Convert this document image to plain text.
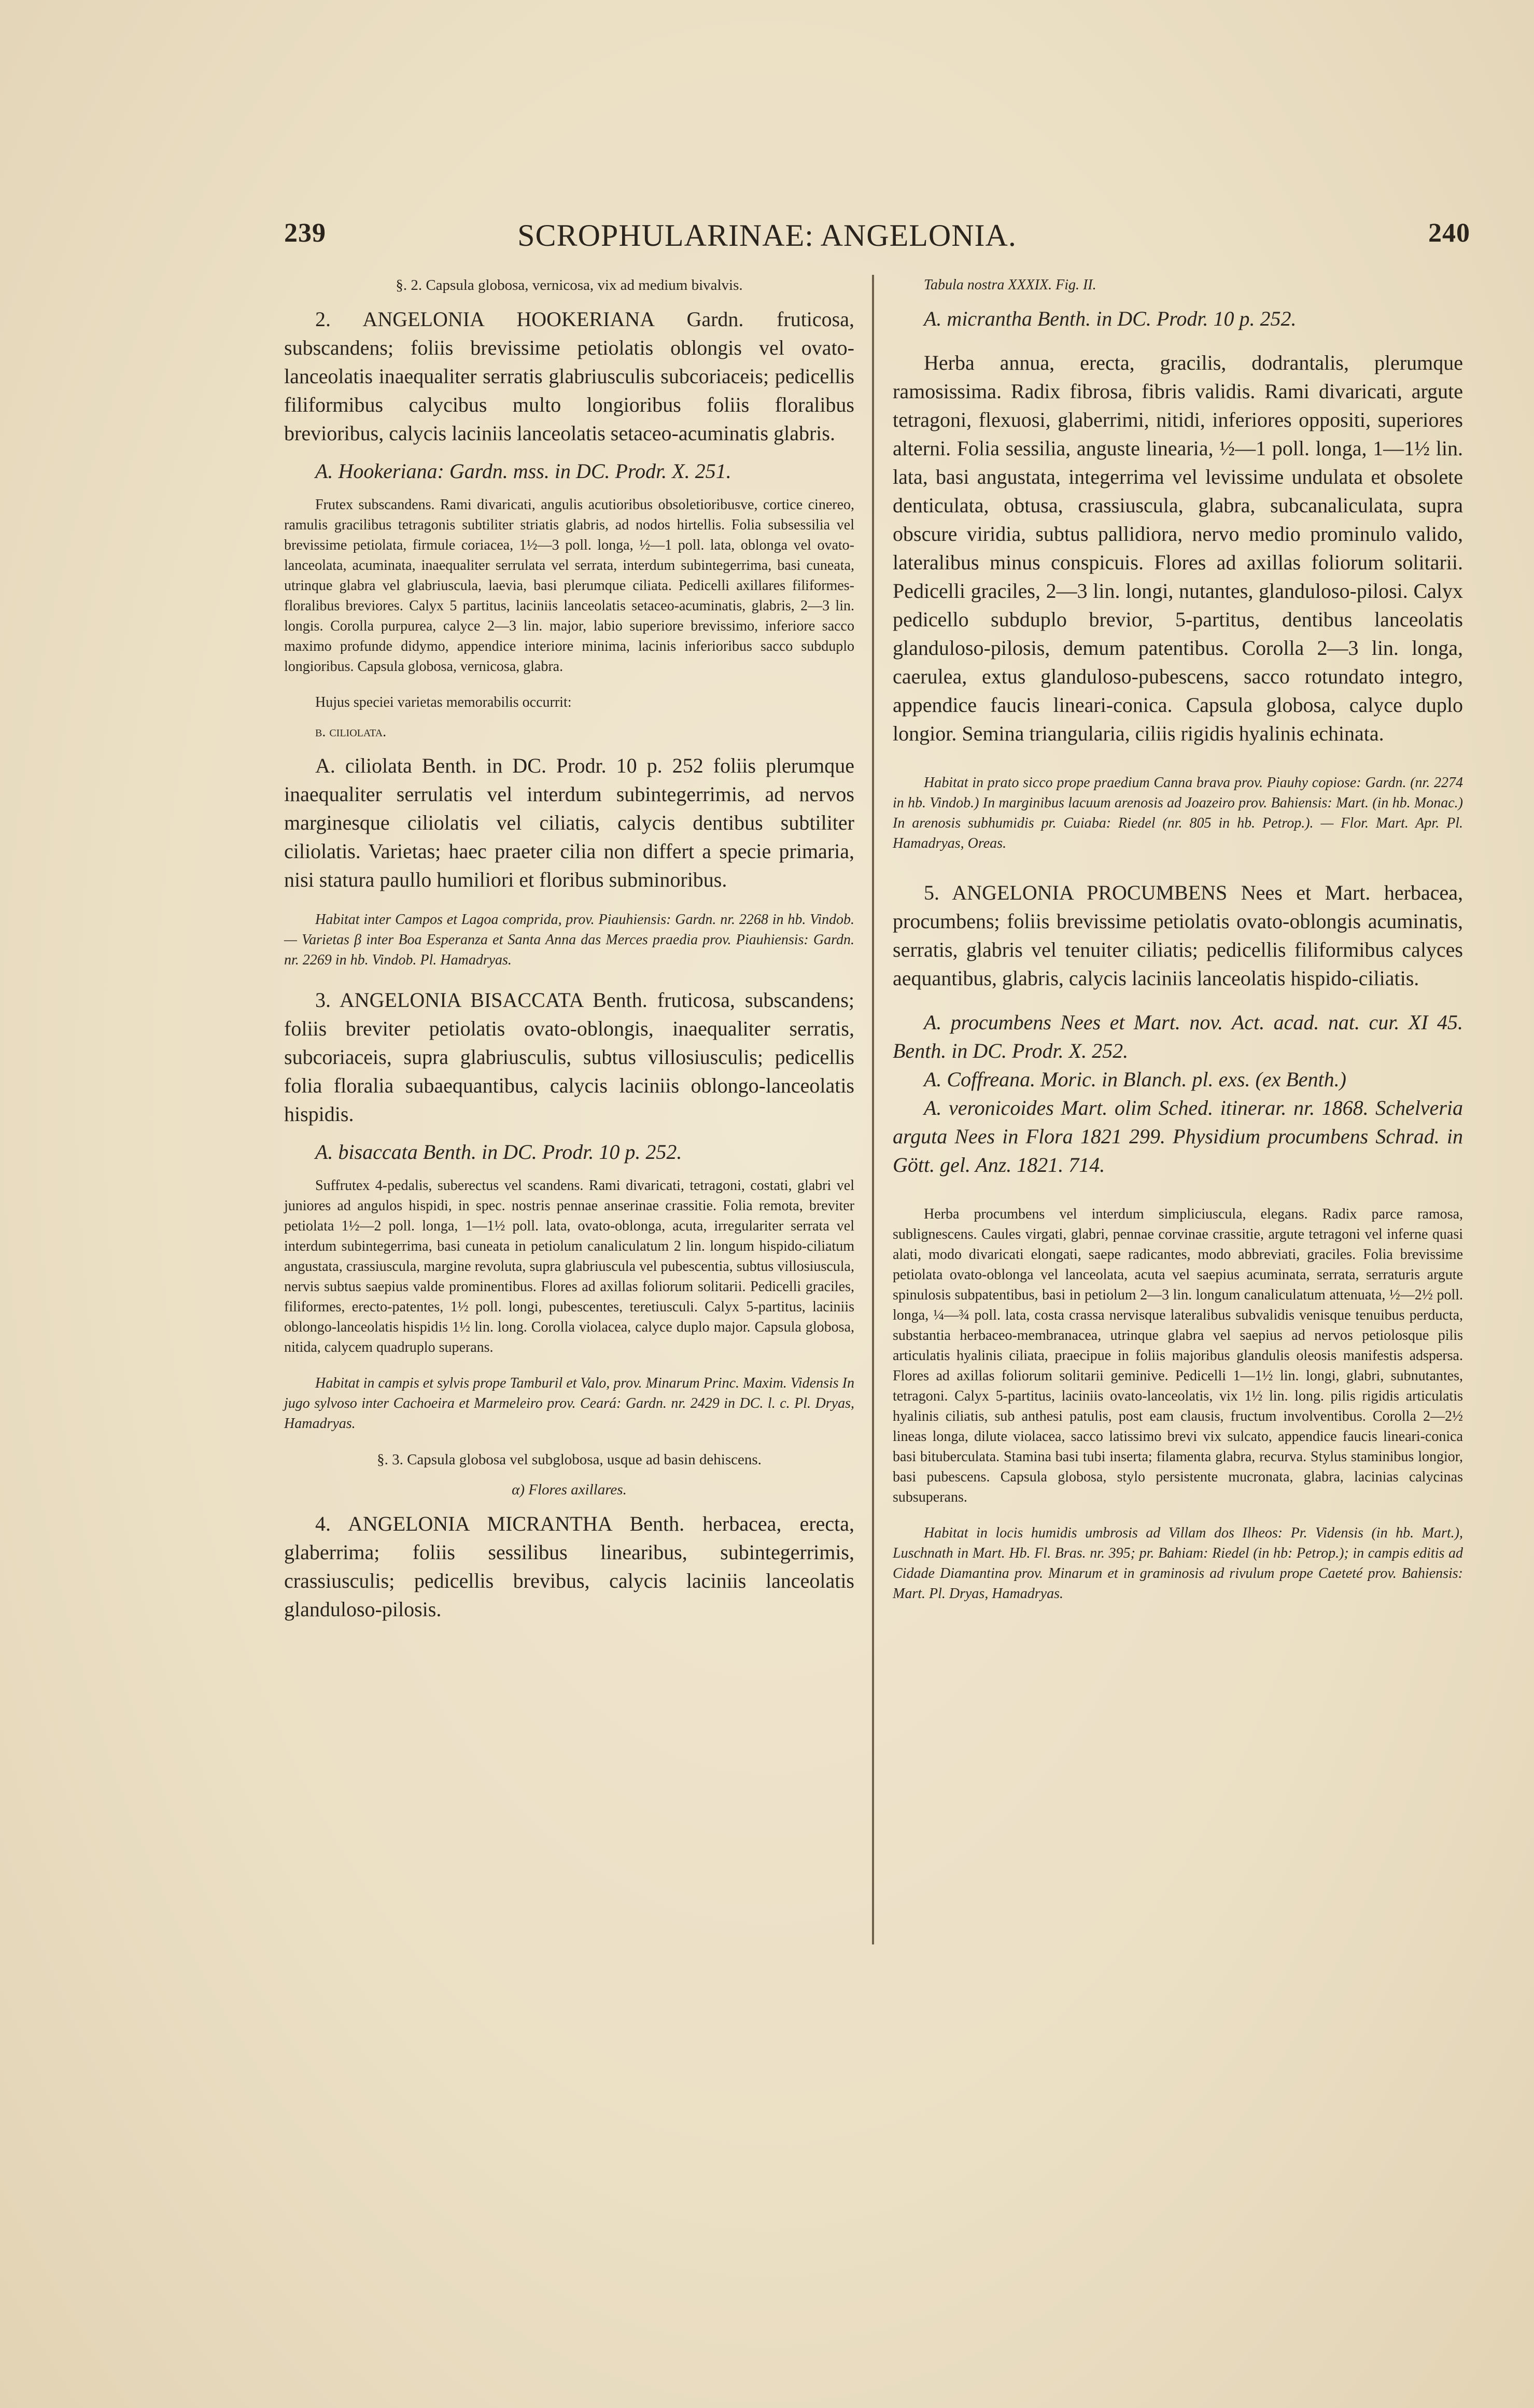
239	SCROPHULARINAE: ANGELONIA.	240

§. 2. Capsula globosa, vernicosa, vix ad medium bivalvis.

2. ANGELONIA HOOKERIANA Gardn. fruticosa, subscandens; foliis brevissime petiolatis oblongis vel ovato-lanceolatis inaequaliter serratis glabriusculis subcoriaceis; pedicellis filiformibus calycibus multo longioribus foliis floralibus brevioribus, calycis laciniis lanceolatis setaceo-acuminatis glabris.

A. Hookeriana: Gardn. mss. in DC. Prodr. X. 251.

Frutex subscandens. Rami divaricati, angulis acutioribus obsoletioribusve, cortice cinereo, ramulis gracilibus tetragonis subtiliter striatis glabris, ad nodos hirtellis. Folia subsessilia vel brevissime petiolata, firmule coriacea, 1½—3 poll. longa, ½—1 poll. lata, oblonga vel ovato-lanceolata, acuminata, inaequaliter serrulata vel serrata, interdum subintegerrima, basi cuneata, utrinque glabra vel glabriuscula, laevia, basi plerumque ciliata. Pedicelli axillares filiformes-floralibus breviores. Calyx 5 partitus, laciniis lanceolatis setaceo-acuminatis, glabris, 2—3 lin. longis. Corolla purpurea, calyce 2—3 lin. major, labio superiore brevissimo, inferiore sacco maximo profunde didymo, appendice interiore minima, lacinis inferioribus sacco subduplo longioribus. Capsula globosa, vernicosa, glabra.

Hujus speciei varietas memorabilis occurrit:

β. ciliolata.

A. ciliolata Benth. in DC. Prodr. 10 p. 252 foliis plerumque inaequaliter serrulatis vel interdum subintegerrimis, ad nervos marginesque ciliolatis vel ciliatis, calycis dentibus subtiliter ciliolatis. Varietas; haec praeter cilia non differt a specie primaria, nisi statura paullo humiliori et floribus subminoribus.

Habitat inter Campos et Lagoa comprida, prov. Piauhiensis: Gardn. nr. 2268 in hb. Vindob. — Varietas β inter Boa Esperanza et Santa Anna das Merces praedia prov. Piauhiensis: Gardn. nr. 2269 in hb. Vindob. Pl. Hamadryas.

3. ANGELONIA BISACCATA Benth. fruticosa, subscandens; foliis breviter petiolatis ovato-oblongis, inaequaliter serratis, subcoriaceis, supra glabriusculis, subtus villosiusculis; pedicellis folia floralia subaequantibus, calycis laciniis oblongo-lanceolatis hispidis.

A. bisaccata Benth. in DC. Prodr. 10 p. 252.

Suffrutex 4-pedalis, suberectus vel scandens. Rami divaricati, tetragoni, costati, glabri vel juniores ad angulos hispidi, in spec. nostris pennae anserinae crassitie. Folia remota, breviter petiolata 1½—2 poll. longa, 1—1½ poll. lata, ovato-oblonga, acuta, irregulariter serrata vel interdum subintegerrima, basi cuneata in petiolum canaliculatum 2 lin. longum hispido-ciliatum angustata, crassiuscula, margine revoluta, supra glabriuscula vel pubescentia, subtus villosiuscula, nervis subtus saepius valde prominentibus. Flores ad axillas foliorum solitarii. Pedicelli graciles, filiformes, erecto-patentes, 1½ poll. longi, pubescentes, teretiusculi. Calyx 5-partitus, laciniis oblongo-lanceolatis hispidis 1½ lin. long. Corolla violacea, calyce duplo major. Capsula globosa, nitida, calycem quadruplo superans.

Habitat in campis et sylvis prope Tamburil et Valo, prov. Minarum Princ. Maxim. Vidensis In jugo sylvoso inter Cachoeira et Marmeleiro prov. Ceará: Gardn. nr. 2429 in DC. l. c. Pl. Dryas, Hamadryas.

§. 3. Capsula globosa vel subglobosa, usque ad basin dehiscens.

α) Flores axillares.

4. ANGELONIA MICRANTHA Benth. herbacea, erecta, glaberrima; foliis sessilibus linearibus, subintegerrimis, crassiusculis; pedicellis brevibus, calycis laciniis lanceolatis glanduloso-pilosis.

Tabula nostra XXXIX. Fig. II.

A. micrantha Benth. in DC. Prodr. 10 p. 252.

Herba annua, erecta, gracilis, dodrantalis, plerumque ramosissima. Radix fibrosa, fibris validis. Rami divaricati, argute tetragoni, flexuosi, glaberrimi, nitidi, inferiores oppositi, superiores alterni. Folia sessilia, anguste linearia, ½—1 poll. longa, 1—1½ lin. lata, basi angustata, integerrima vel levissime undulata et obsolete denticulata, obtusa, crassiuscula, glabra, subcanaliculata, supra obscure viridia, subtus pallidiora, nervo medio prominulo valido, lateralibus minus conspicuis. Flores ad axillas foliorum solitarii. Pedicelli graciles, 2—3 lin. longi, nutantes, glanduloso-pilosi. Calyx pedicello subduplo brevior, 5-partitus, dentibus lanceolatis glanduloso-pilosis, demum patentibus. Corolla 2—3 lin. longa, caerulea, extus glanduloso-pubescens, sacco rotundato integro, appendice faucis lineari-conica. Capsula globosa, calyce duplo longior. Semina triangularia, ciliis rigidis hyalinis echinata.

Habitat in prato sicco prope praedium Canna brava prov. Piauhy copiose: Gardn. (nr. 2274 in hb. Vindob.) In marginibus lacuum arenosis ad Joazeiro prov. Bahiensis: Mart. (in hb. Monac.) In arenosis subhumidis pr. Cuiaba: Riedel (nr. 805 in hb. Petrop.). — Flor. Mart. Apr. Pl. Hamadryas, Oreas.

5. ANGELONIA PROCUMBENS Nees et Mart. herbacea, procumbens; foliis brevissime petiolatis ovato-oblongis acuminatis, serratis, glabris vel tenuiter ciliatis; pedicellis filiformibus calyces aequantibus, glabris, calycis laciniis lanceolatis hispido-ciliatis.

A. procumbens Nees et Mart. nov. Act. acad. nat. cur. XI 45. Benth. in DC. Prodr. X. 252.

A. Coffreana. Moric. in Blanch. pl. exs. (ex Benth.)

A. veronicoides Mart. olim Sched. itinerar. nr. 1868. Schelveria arguta Nees in Flora 1821 299. Physidium procumbens Schrad. in Gött. gel. Anz. 1821. 714.

Herba procumbens vel interdum simpliciuscula, elegans. Radix parce ramosa, sublignescens. Caules virgati, glabri, pennae corvinae crassitie, argute tetragoni vel inferne quasi alati, modo divaricati elongati, saepe radicantes, modo abbreviati, graciles. Folia brevissime petiolata ovato-oblonga vel lanceolata, acuta vel saepius acuminata, serrata, serraturis argute spinulosis subpatentibus, basi in petiolum 2—3 lin. longum canaliculatum attenuata, ½—2½ poll. longa, ¼—¾ poll. lata, costa crassa nervisque lateralibus subvalidis venisque tenuibus perducta, substantia herbaceo-membranacea, utrinque glabra vel saepius ad nervos petiolosque pilis articulatis hyalinis ciliata, praecipue in foliis majoribus glandulis oleosis manifestis adspersa. Flores ad axillas foliorum solitarii geminive. Pedicelli 1—1½ lin. longi, glabri, subnutantes, tetragoni. Calyx 5-partitus, laciniis ovato-lanceolatis, vix 1½ lin. long. pilis rigidis articulatis hyalinis ciliatis, sub anthesi patulis, post eam clausis, fructum involventibus. Corolla 2—2½ lineas longa, dilute violacea, sacco latissimo brevi vix sulcato, appendice faucis lineari-conica basi bituberculata. Stamina basi tubi inserta; filamenta glabra, recurva. Stylus staminibus longior, basi pubescens. Capsula globosa, stylo persistente mucronata, glabra, lacinias calycinas subsuperans.

Habitat in locis humidis umbrosis ad Villam dos Ilheos: Pr. Vidensis (in hb. Mart.), Luschnath in Mart. Hb. Fl. Bras. nr. 395; pr. Bahiam: Riedel (in hb: Petrop.); in campis editis ad Cidade Diamantina prov. Minarum et in graminosis ad rivulum prope Caeteté prov. Bahiensis: Mart. Pl. Dryas, Hamadryas.
